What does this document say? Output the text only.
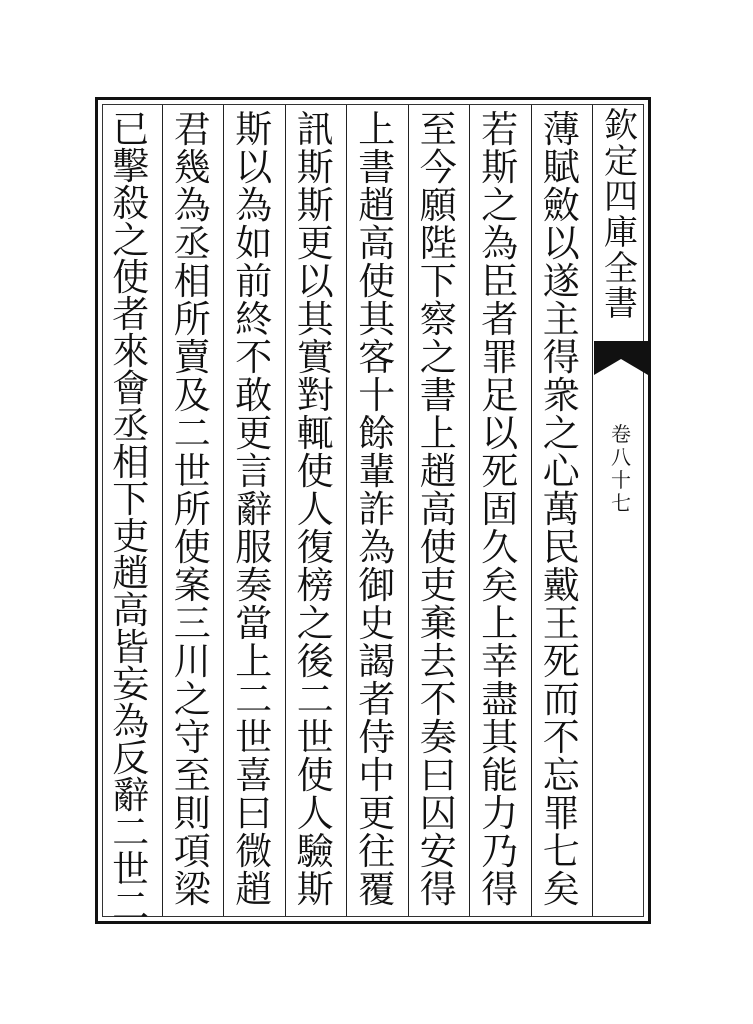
欽
定
四
庫
全
書
卷
八
十
七
薄
賦
斂
以
遂
主
得
衆
之
心
萬
民
戴
王
死
而
不
忘
罪
七
矣
若
斯
之
為
臣
者
罪
足
以
死
固
久
矣
上
幸
盡
其
能
力
乃
得
至
今
願
陛
下
察
之
書
上
趙
高
使
吏
棄
去
不
奏
曰
囚
安
得
上
書
趙
高
使
其
客
十
餘
輩
詐
為
御
史
謁
者
侍
中
更
往
覆
訊
斯
斯
更
以
其
實
對
輒
使
人
復
榜
之
後
二
世
使
人
驗
斯
斯
以
為
如
前
終
不
敢
更
言
辭
服
奏
當
上
二
世
喜
曰
微
趙
君
幾
為
丞
相
所
賣
及
二
世
所
使
案
三
川
之
守
至
則
項
梁
已
擊
殺
之
使
者
來
會
丞
相
下
吏
趙
高
皆
妄
為
反
辭
二
世
二
